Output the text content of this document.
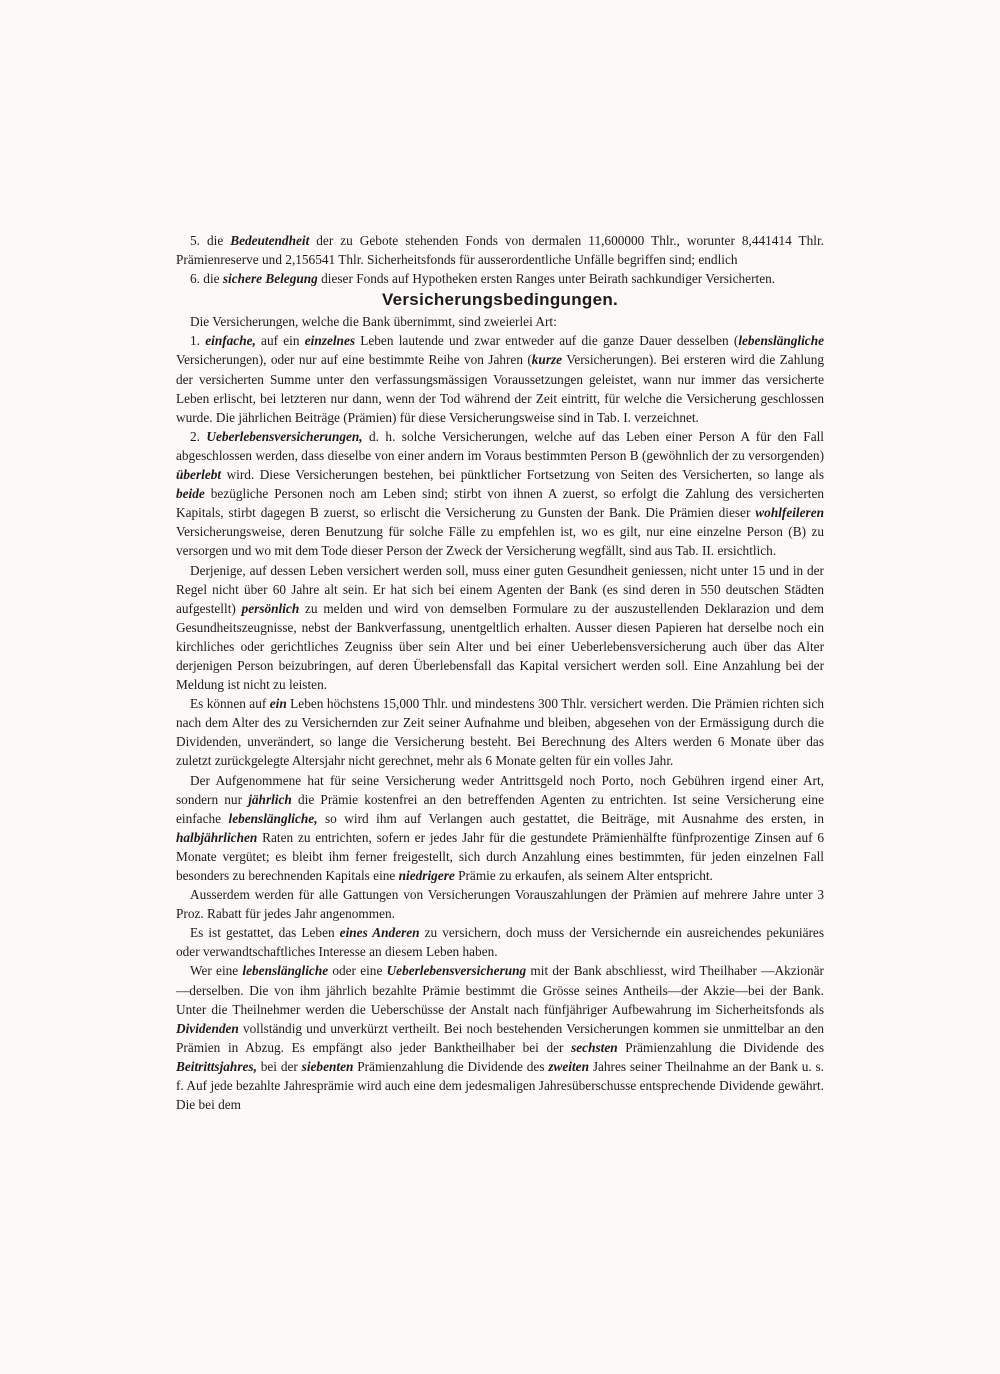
5. die Bedeutendheit der zu Gebote stehenden Fonds von dermalen 11,600000 Thlr., worunter 8,441414 Thlr. Prämienreserve und 2,156541 Thlr. Sicherheitsfonds für ausserordentliche Unfälle begriffen sind; endlich

6. die sichere Belegung dieser Fonds auf Hypotheken ersten Ranges unter Beirath sachkundiger Versicherten.

Versicherungsbedingungen.

Die Versicherungen, welche die Bank übernimmt, sind zweierlei Art:

1. einfache, auf ein einzelnes Leben lautende und zwar entweder auf die ganze Dauer desselben (lebenslängliche Versicherungen), oder nur auf eine bestimmte Reihe von Jahren (kurze Versicherungen). Bei ersteren wird die Zahlung der versicherten Summe unter den verfassungsmässigen Voraussetzungen geleistet, wann nur immer das versicherte Leben erlischt, bei letzteren nur dann, wenn der Tod während der Zeit eintritt, für welche die Versicherung geschlossen wurde. Die jährlichen Beiträge (Prämien) für diese Versicherungsweise sind in Tab. I. verzeichnet.

2. Ueberlebensversicherungen, d. h. solche Versicherungen, welche auf das Leben einer Person A für den Fall abgeschlossen werden, dass dieselbe von einer andern im Voraus bestimmten Person B (gewöhnlich der zu versorgenden) überlebt wird. Diese Versicherungen bestehen, bei pünktlicher Fortsetzung von Seiten des Versicherten, so lange als beide bezügliche Personen noch am Leben sind; stirbt von ihnen A zuerst, so erfolgt die Zahlung des versicherten Kapitals, stirbt dagegen B zuerst, so erlischt die Versicherung zu Gunsten der Bank. Die Prämien dieser wohlfeileren Versicherungsweise, deren Benutzung für solche Fälle zu empfehlen ist, wo es gilt, nur eine einzelne Person (B) zu versorgen und wo mit dem Tode dieser Person der Zweck der Versicherung wegfällt, sind aus Tab. II. ersichtlich.

Derjenige, auf dessen Leben versichert werden soll, muss einer guten Gesundheit geniessen, nicht unter 15 und in der Regel nicht über 60 Jahre alt sein. Er hat sich bei einem Agenten der Bank (es sind deren in 550 deutschen Städten aufgestellt) persönlich zu melden und wird von demselben Formulare zu der auszustellenden Deklarazion und dem Gesundheitszeugnisse, nebst der Bankverfassung, unentgeltlich erhalten. Ausser diesen Papieren hat derselbe noch ein kirchliches oder gerichtliches Zeugniss über sein Alter und bei einer Ueberlebensversicherung auch über das Alter derjenigen Person beizubringen, auf deren Überlebensfall das Kapital versichert werden soll. Eine Anzahlung bei der Meldung ist nicht zu leisten.

Es können auf ein Leben höchstens 15,000 Thlr. und mindestens 300 Thlr. versichert werden. Die Prämien richten sich nach dem Alter des zu Versichernden zur Zeit seiner Aufnahme und bleiben, abgesehen von der Ermässigung durch die Dividenden, unverändert, so lange die Versicherung besteht. Bei Berechnung des Alters werden 6 Monate über das zuletzt zurückgelegte Altersjahr nicht gerechnet, mehr als 6 Monate gelten für ein volles Jahr.

Der Aufgenommene hat für seine Versicherung weder Antrittsgeld noch Porto, noch Gebühren irgend einer Art, sondern nur jährlich die Prämie kostenfrei an den betreffenden Agenten zu entrichten. Ist seine Versicherung eine einfache lebenslängliche, so wird ihm auf Verlangen auch gestattet, die Beiträge, mit Ausnahme des ersten, in halbjährlichen Raten zu entrichten, sofern er jedes Jahr für die gestundete Prämienhälfte fünfprozentige Zinsen auf 6 Monate vergütet; es bleibt ihm ferner freigestellt, sich durch Anzahlung eines bestimmten, für jeden einzelnen Fall besonders zu berechnenden Kapitals eine niedrigere Prämie zu erkaufen, als seinem Alter entspricht.

Ausserdem werden für alle Gattungen von Versicherungen Vorauszahlungen der Prämien auf mehrere Jahre unter 3 Proz. Rabatt für jedes Jahr angenommen.

Es ist gestattet, das Leben eines Anderen zu versichern, doch muss der Versichernde ein ausreichendes pekuniäres oder verwandtschaftliches Interesse an diesem Leben haben.

Wer eine lebenslängliche oder eine Ueberlebensversicherung mit der Bank abschliesst, wird Theilhaber —Akzionär—derselben. Die von ihm jährlich bezahlte Prämie bestimmt die Grösse seines Antheils—der Akzie—bei der Bank. Unter die Theilnehmer werden die Ueberschüsse der Anstalt nach fünfjähriger Aufbewahrung im Sicherheitsfonds als Dividenden vollständig und unverkürzt vertheilt. Bei noch bestehenden Versicherungen kommen sie unmittelbar an den Prämien in Abzug. Es empfängt also jeder Banktheilhaber bei der sechsten Prämienzahlung die Dividende des Beitrittsjahres, bei der siebenten Prämienzahlung die Dividende des zweiten Jahres seiner Theilnahme an der Bank u. s. f. Auf jede bezahlte Jahresprämie wird auch eine dem jedesmaligen Jahresüberschusse entsprechende Dividende gewährt. Die bei dem
